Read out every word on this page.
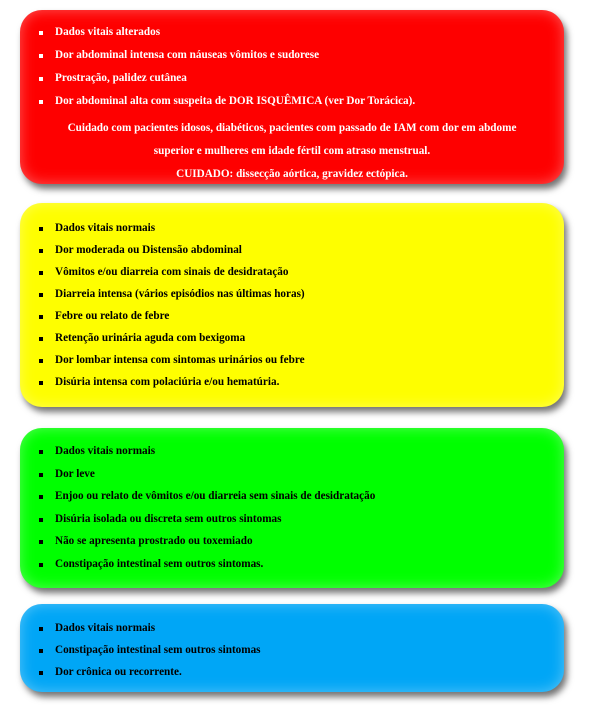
Dados vitais alterados
Dor abdominal intensa com náuseas vômitos e sudorese
Prostração, palidez cutânea
Dor abdominal alta com suspeita de DOR ISQUÊMICA (ver Dor Torácica).
Cuidado com pacientes idosos, diabéticos, pacientes com passado de IAM com dor em abdome
superior e mulheres em idade fértil com atraso menstrual.
CUIDADO: dissecção aórtica, gravidez ectópica.
Dados vitais normais
Dor moderada ou Distensão abdominal
Vômitos e/ou diarreia com sinais de desidratação
Diarreia intensa (vários episódios nas últimas horas)
Febre ou relato de febre
Retenção urinária aguda com bexigoma
Dor lombar intensa com sintomas urinários ou febre
Disúria intensa com polaciúria e/ou hematúria.
Dados vitais normais
Dor leve
Enjoo ou relato de vômitos e/ou diarreia sem sinais de desidratação
Disúria isolada ou discreta sem outros sintomas
Não se apresenta prostrado ou toxemiado
Constipação intestinal sem outros sintomas.
Dados vitais normais
Constipação intestinal sem outros sintomas
Dor crônica ou recorrente.
